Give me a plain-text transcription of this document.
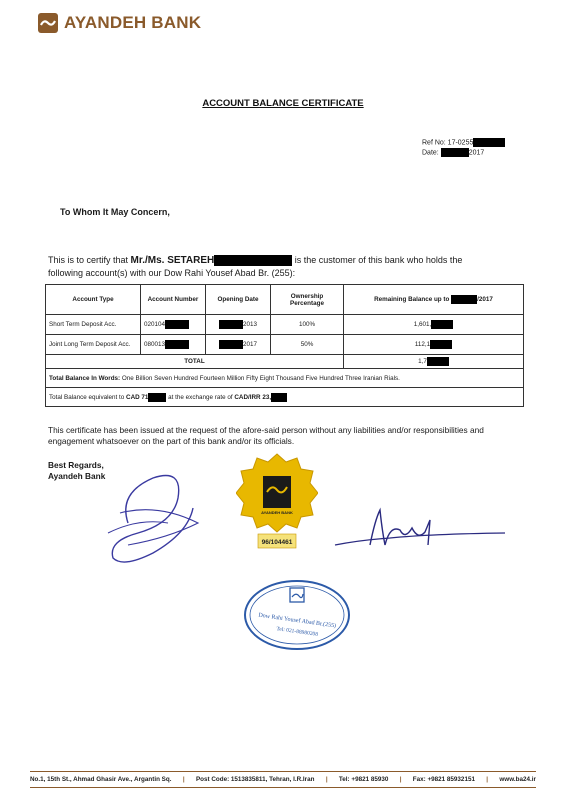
AYANDEH BANK
ACCOUNT BALANCE CERTIFICATE
Ref No: 17-0255
Date:	2017
To Whom It May Concern,
This is to certify that Mr./Ms. SETAREH	is the customer of this bank who holds the following account(s) with our Dow Rahi Yousef Abad Br. (255):
Account Type	Account Number	Opening Date	Ownership Percentage	Remaining Balance up to /2017
Short Term Deposit Acc.	020104	2013	100%	1,601,
Joint Long Term Deposit Acc.	080013	2017	50%	112,1
TOTAL				1,7
Total Balance In Words: One Billion Seven Hundred Fourteen Million Fifty Eight Thousand Five Hundred Three Iranian Rials.				
Total Balance equivalent to CAD 71 at the exchange rate of CAD/IRR 23,				
This certificate has been issued at the request of the afore-said person without any liabilities and/or responsibilities and engagement whatsoever on the part of this bank and/or its officials.
Best Regards,
Ayandeh Bank
96/104461
AYANDEH BANK
Dow Rahi Yousef Abad Br.(255)
Tel: 021-88980208
No.1, 15th St., Ahmad Ghasir Ave., Argantin Sq. | Post Code: 1513835811, Tehran, I.R.Iran | Tel: +9821 85930 | Fax: +9821 85932151 | www.ba24.ir
